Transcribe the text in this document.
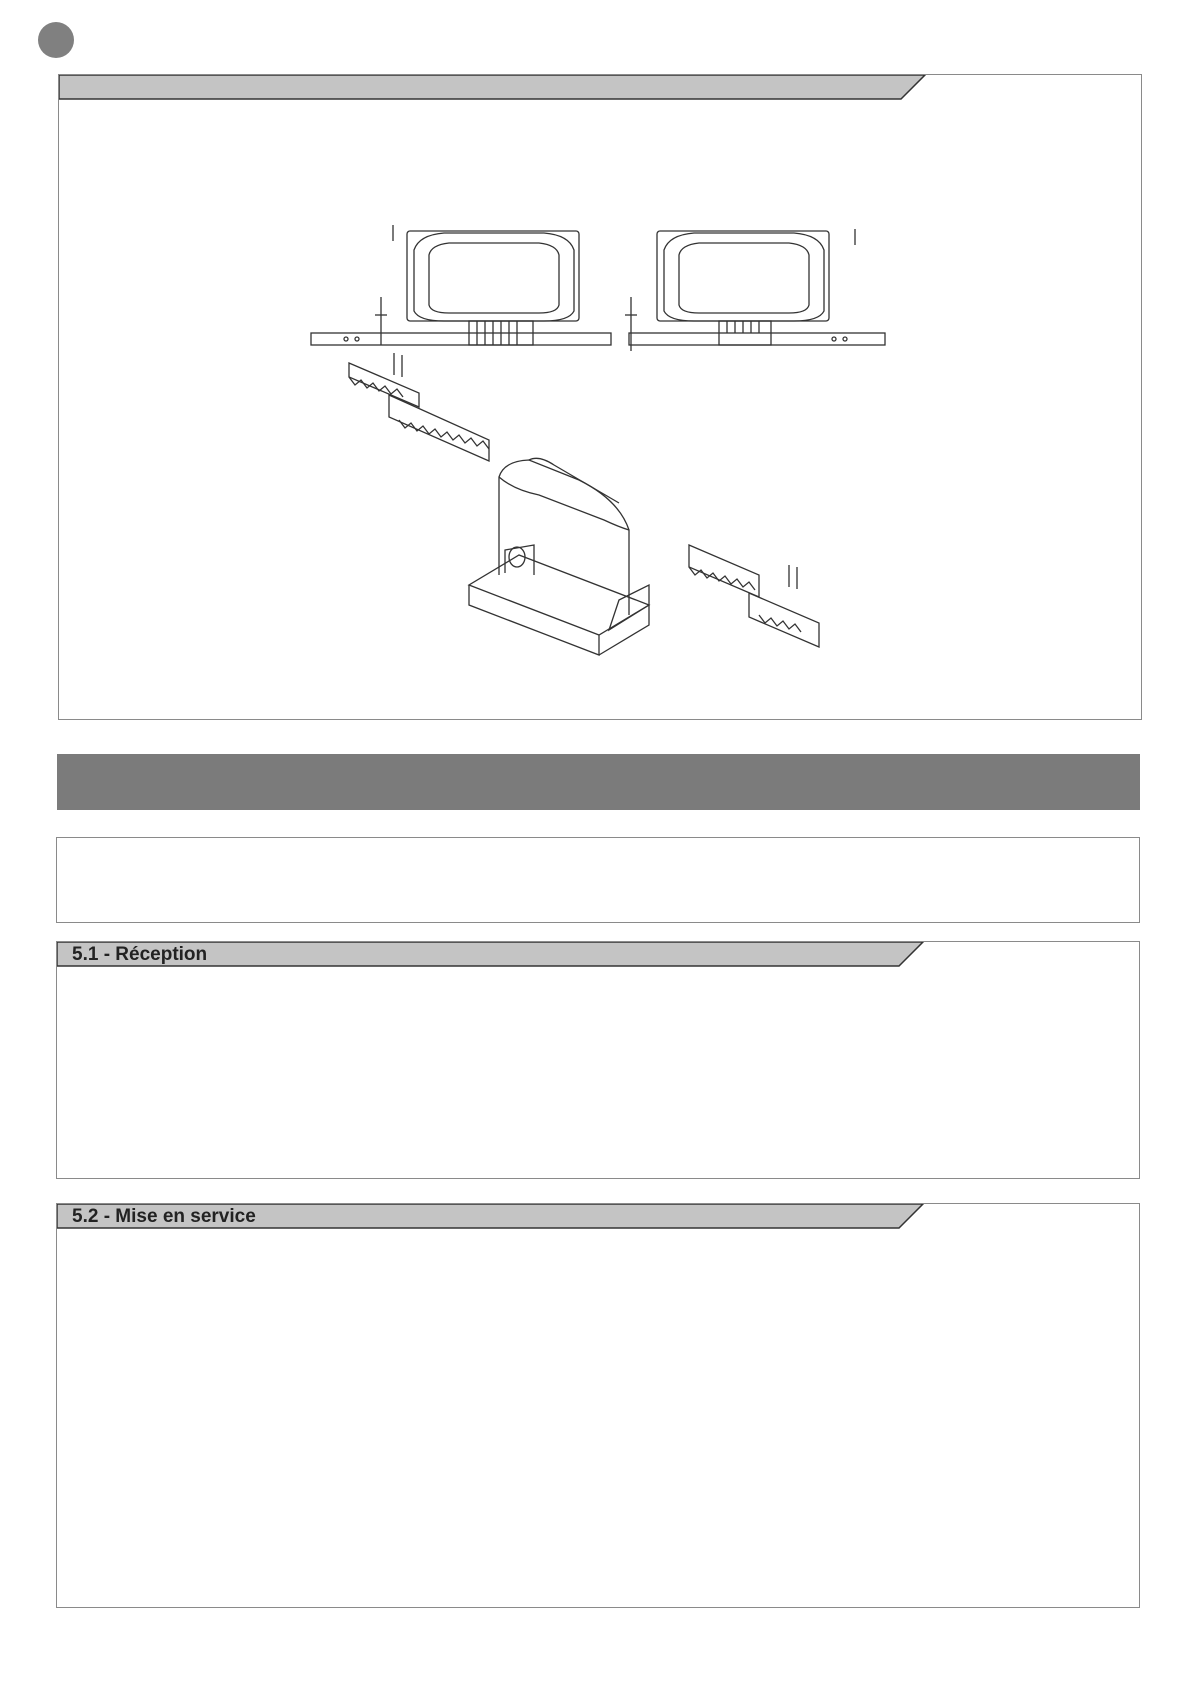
5.1 - Réception
5.2 - Mise en service
